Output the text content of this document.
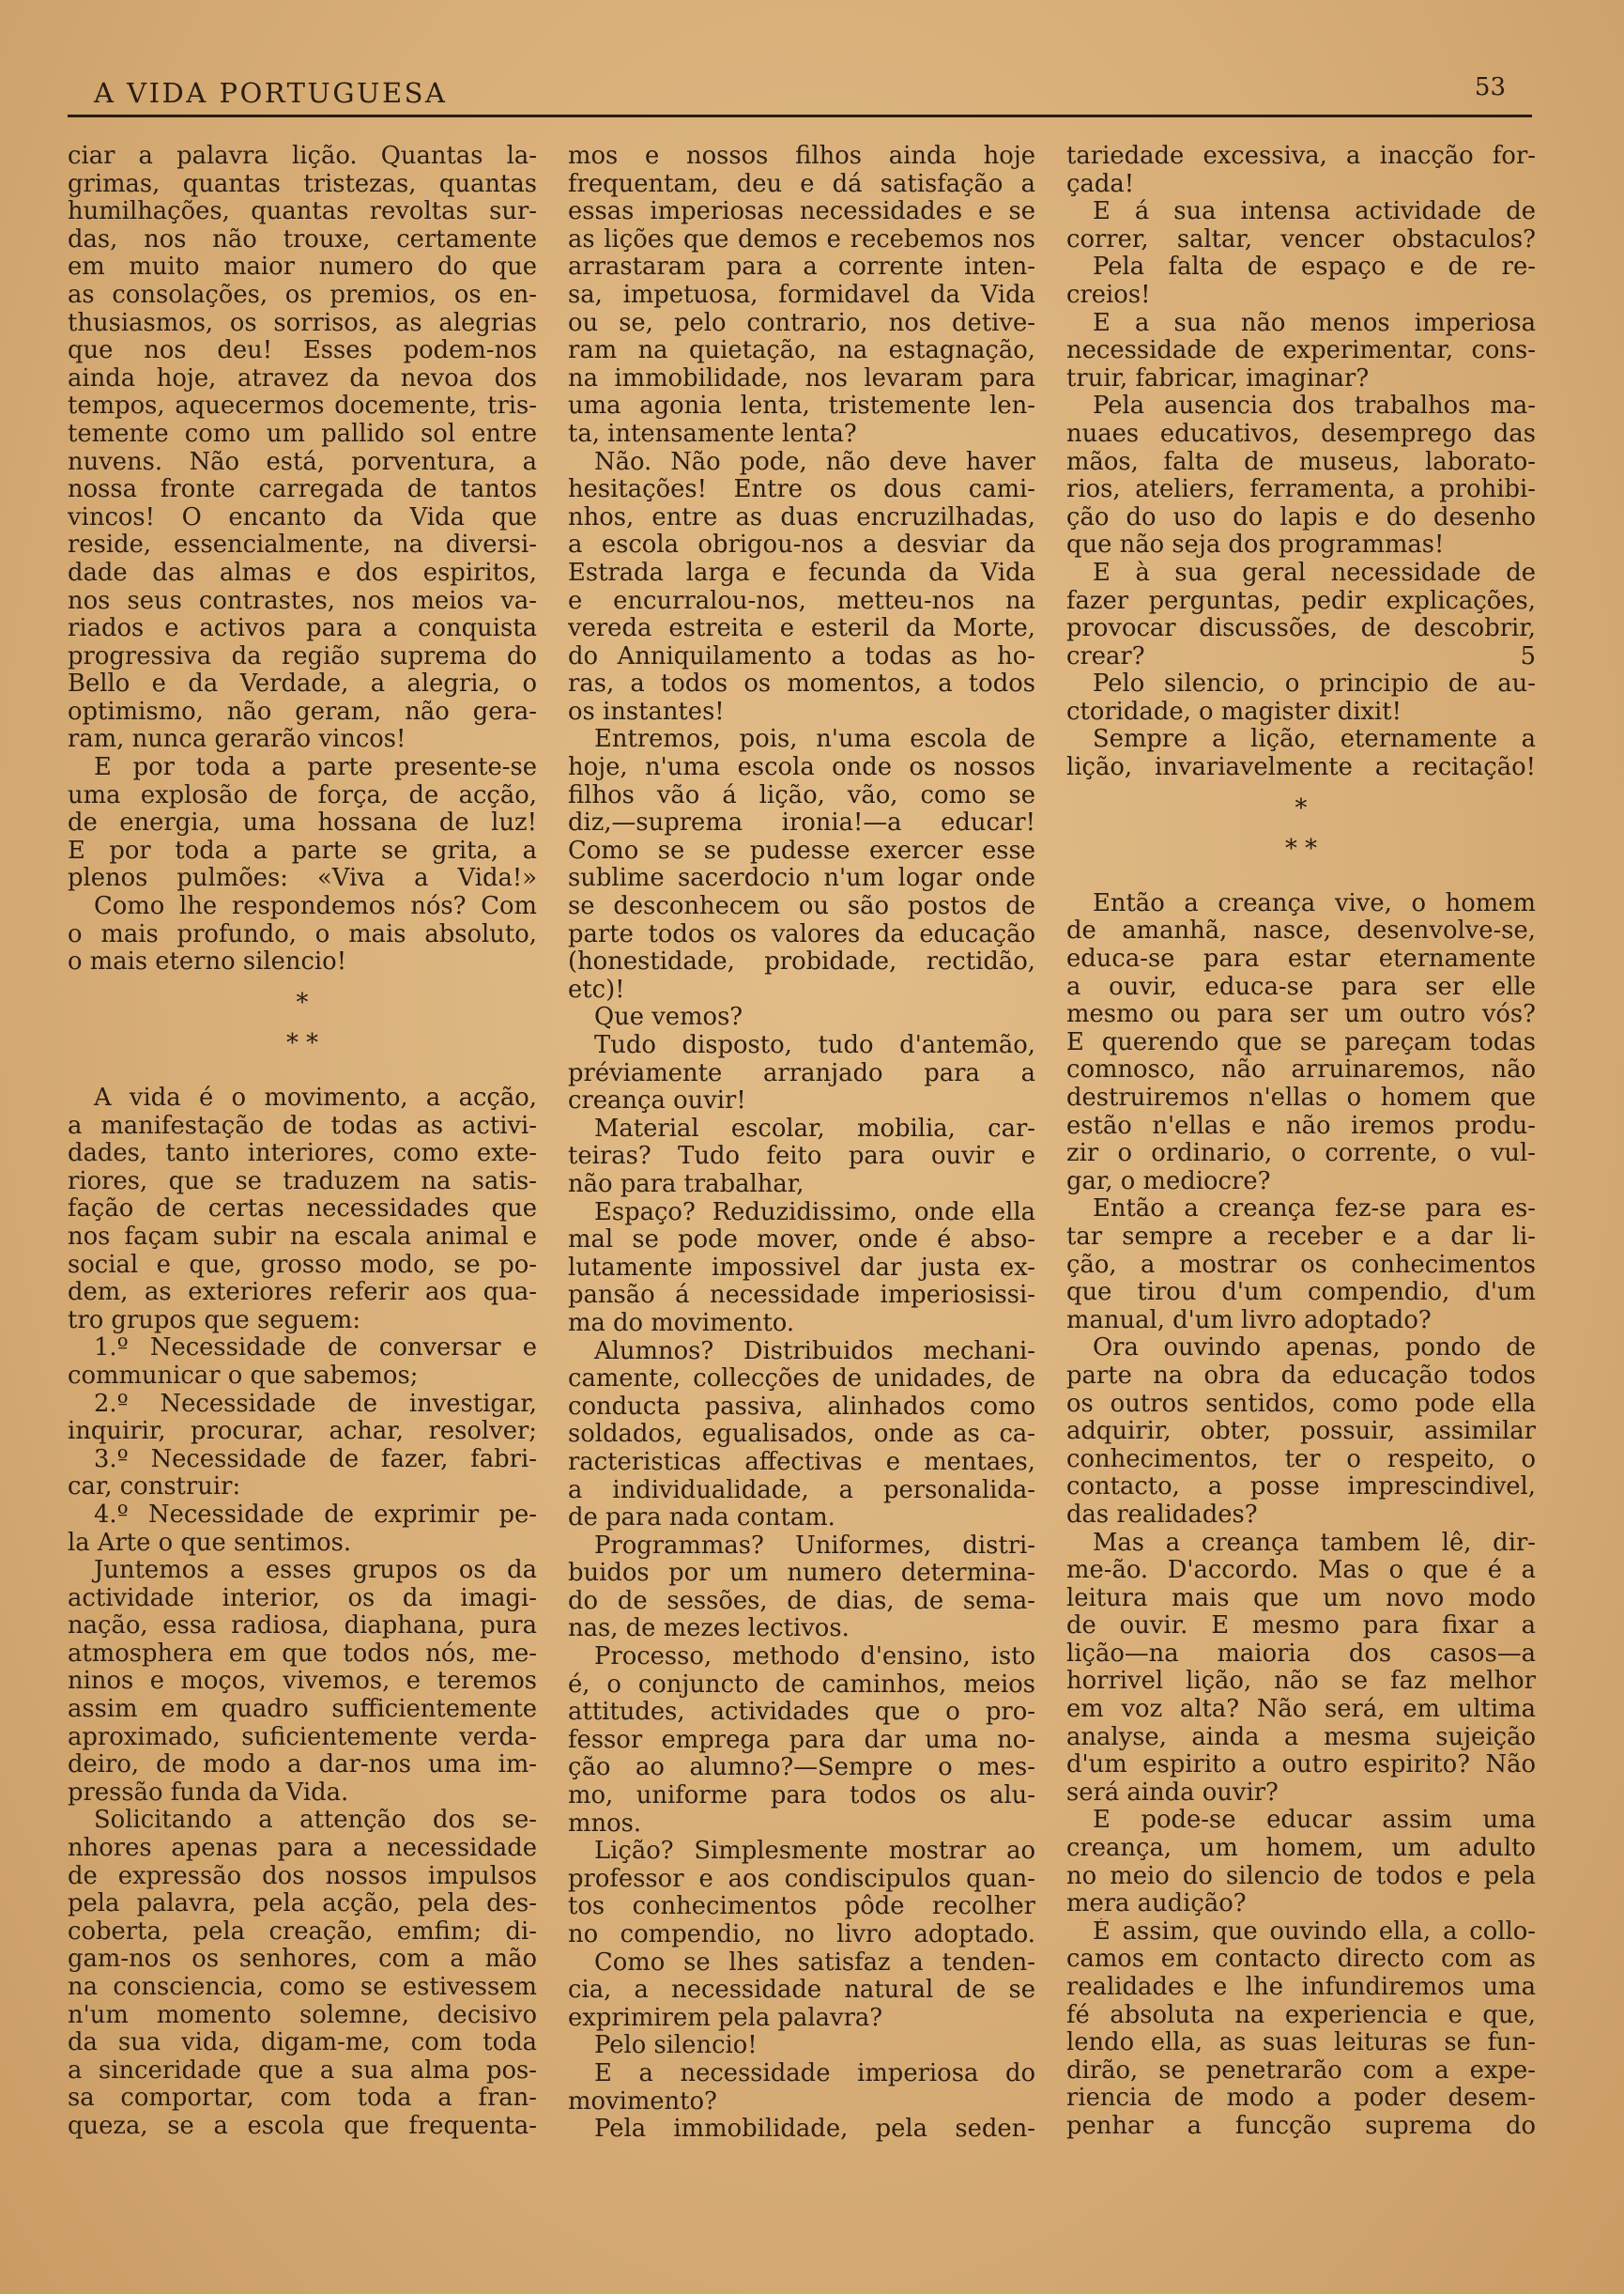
A VIDA PORTUGUESA	53
ciar a palavra lição. Quantas la-
grimas, quantas tristezas, quantas
humilhações, quantas revoltas sur-
das, nos não trouxe, certamente
em muito maior numero do que
as consolações, os premios, os en-
thusiasmos, os sorrisos, as alegrias
que nos deu! Esses podem-nos
ainda hoje, atravez da nevoa dos
tempos, aquecermos docemente, tris-
temente como um pallido sol entre
nuvens. Não está, porventura, a
nossa fronte carregada de tantos
vincos! O encanto da Vida que
reside, essencialmente, na diversi-
dade das almas e dos espiritos,
nos seus contrastes, nos meios va-
riados e activos para a conquista
progressiva da região suprema do
Bello e da Verdade, a alegria, o
optimismo, não geram, não gera-
ram, nunca gerarão vincos!
E por toda a parte presente-se
uma explosão de força, de acção,
de energia, uma hossana de luz!
E por toda a parte se grita, a
plenos pulmões: «Viva a Vida!»
Como lhe respondemos nós? Com
o mais profundo, o mais absoluto,
o mais eterno silencio!
*
* *
A vida é o movimento, a acção,
a manifestação de todas as activi-
dades, tanto interiores, como exte-
riores, que se traduzem na satis-
fação de certas necessidades que
nos façam subir na escala animal e
social e que, grosso modo, se po-
dem, as exteriores referir aos qua-
tro grupos que seguem:
1.º Necessidade de conversar e
communicar o que sabemos;
2.º Necessidade de investigar,
inquirir, procurar, achar, resolver;
3.º Necessidade de fazer, fabri-
car, construir:
4.º Necessidade de exprimir pe-
la Arte o que sentimos.
Juntemos a esses grupos os da
actividade interior, os da imagi-
nação, essa radiosa, diaphana, pura
atmosphera em que todos nós, me-
ninos e moços, vivemos, e teremos
assim em quadro sufficientemente
aproximado, suficientemente verda-
deiro, de modo a dar-nos uma im-
pressão funda da Vida.
Solicitando a attenção dos se-
nhores apenas para a necessidade
de expressão dos nossos impulsos
pela palavra, pela acção, pela des-
coberta, pela creação, emfim; di-
gam-nos os senhores, com a mão
na consciencia, como se estivessem
n'um momento solemne, decisivo
da sua vida, digam-me, com toda
a sinceridade que a sua alma pos-
sa comportar, com toda a fran-
queza, se a escola que frequenta-
mos e nossos filhos ainda hoje
frequentam, deu e dá satisfação a
essas imperiosas necessidades e se
as lições que demos e recebemos nos
arrastaram para a corrente inten-
sa, impetuosa, formidavel da Vida
ou se, pelo contrario, nos detive-
ram na quietação, na estagnação,
na immobilidade, nos levaram para
uma agonia lenta, tristemente len-
ta, intensamente lenta?
Não. Não pode, não deve haver
hesitações! Entre os dous cami-
nhos, entre as duas encruzilhadas,
a escola obrigou-nos a desviar da
Estrada larga e fecunda da Vida
e encurralou-nos, metteu-nos na
vereda estreita e esteril da Morte,
do Anniquilamento a todas as ho-
ras, a todos os momentos, a todos
os instantes!
Entremos, pois, n'uma escola de
hoje, n'uma escola onde os nossos
filhos vão á lição, vão, como se
diz,—suprema ironia!—a educar!
Como se se pudesse exercer esse
sublime sacerdocio n'um logar onde
se desconhecem ou são postos de
parte todos os valores da educação
(honestidade, probidade, rectidão,
etc)!
Que vemos?
Tudo disposto, tudo d'antemão,
préviamente arranjado para a
creança ouvir!
Material escolar, mobilia, car-
teiras? Tudo feito para ouvir e
não para trabalhar,
Espaço? Reduzidissimo, onde ella
mal se pode mover, onde é abso-
lutamente impossivel dar justa ex-
pansão á necessidade imperiosissi-
ma do movimento.
Alumnos? Distribuidos mechani-
camente, collecções de unidades, de
conducta passiva, alinhados como
soldados, egualisados, onde as ca-
racteristicas affectivas e mentaes,
a individualidade, a personalida-
de para nada contam.
Programmas? Uniformes, distri-
buidos por um numero determina-
do de sessões, de dias, de sema-
nas, de mezes lectivos.
Processo, methodo d'ensino, isto
é, o conjuncto de caminhos, meios
attitudes, actividades que o pro-
fessor emprega para dar uma no-
ção ao alumno?—Sempre o mes-
mo, uniforme para todos os alu-
mnos.
Lição? Simplesmente mostrar ao
professor e aos condiscipulos quan-
tos conhecimentos pôde recolher
no compendio, no livro adoptado.
Como se lhes satisfaz a tenden-
cia, a necessidade natural de se
exprimirem pela palavra?
Pelo silencio!
E a necessidade imperiosa do
movimento?
Pela immobilidade, pela seden-
tariedade excessiva, a inacção for-
çada!
E á sua intensa actividade de
correr, saltar, vencer obstaculos?
Pela falta de espaço e de re-
creios!
E a sua não menos imperiosa
necessidade de experimentar, cons-
truir, fabricar, imaginar?
Pela ausencia dos trabalhos ma-
nuaes educativos, desemprego das
mãos, falta de museus, laborato-
rios, ateliers, ferramenta, a prohibi-
ção do uso do lapis e do desenho
que não seja dos programmas!
E à sua geral necessidade de
fazer perguntas, pedir explicações,
provocar discussões, de descobrir,
crear? 5
Pelo silencio, o principio de au-
ctoridade, o magister dixit!
Sempre a lição, eternamente a
lição, invariavelmente a recitação!
*
* *
Então a creança vive, o homem
de amanhã, nasce, desenvolve-se,
educa-se para estar eternamente
a ouvir, educa-se para ser elle
mesmo ou para ser um outro vós?
E querendo que se pareçam todas
comnosco, não arruinaremos, não
destruiremos n'ellas o homem que
estão n'ellas e não iremos produ-
zir o ordinario, o corrente, o vul-
gar, o mediocre?
Então a creança fez-se para es-
tar sempre a receber e a dar li-
ção, a mostrar os conhecimentos
que tirou d'um compendio, d'um
manual, d'um livro adoptado?
Ora ouvindo apenas, pondo de
parte na obra da educação todos
os outros sentidos, como pode ella
adquirir, obter, possuir, assimilar
conhecimentos, ter o respeito, o
contacto, a posse imprescindivel,
das realidades?
Mas a creança tambem lê, dir-
me-ão. D'accordo. Mas o que é a
leitura mais que um novo modo
de ouvir. E mesmo para fixar a
lição—na maioria dos casos—a
horrivel lição, não se faz melhor
em voz alta? Não será, em ultima
analyse, ainda a mesma sujeição
d'um espirito a outro espirito? Não
será ainda ouvir?
E pode-se educar assim uma
creança, um homem, um adulto
no meio do silencio de todos e pela
mera audição?
É assim, que ouvindo ella, a collo-
camos em contacto directo com as
realidades e lhe infundiremos uma
fé absoluta na experiencia e que,
lendo ella, as suas leituras se fun-
dirão, se penetrarão com a expe-
riencia de modo a poder desem-
penhar a funcção suprema do
